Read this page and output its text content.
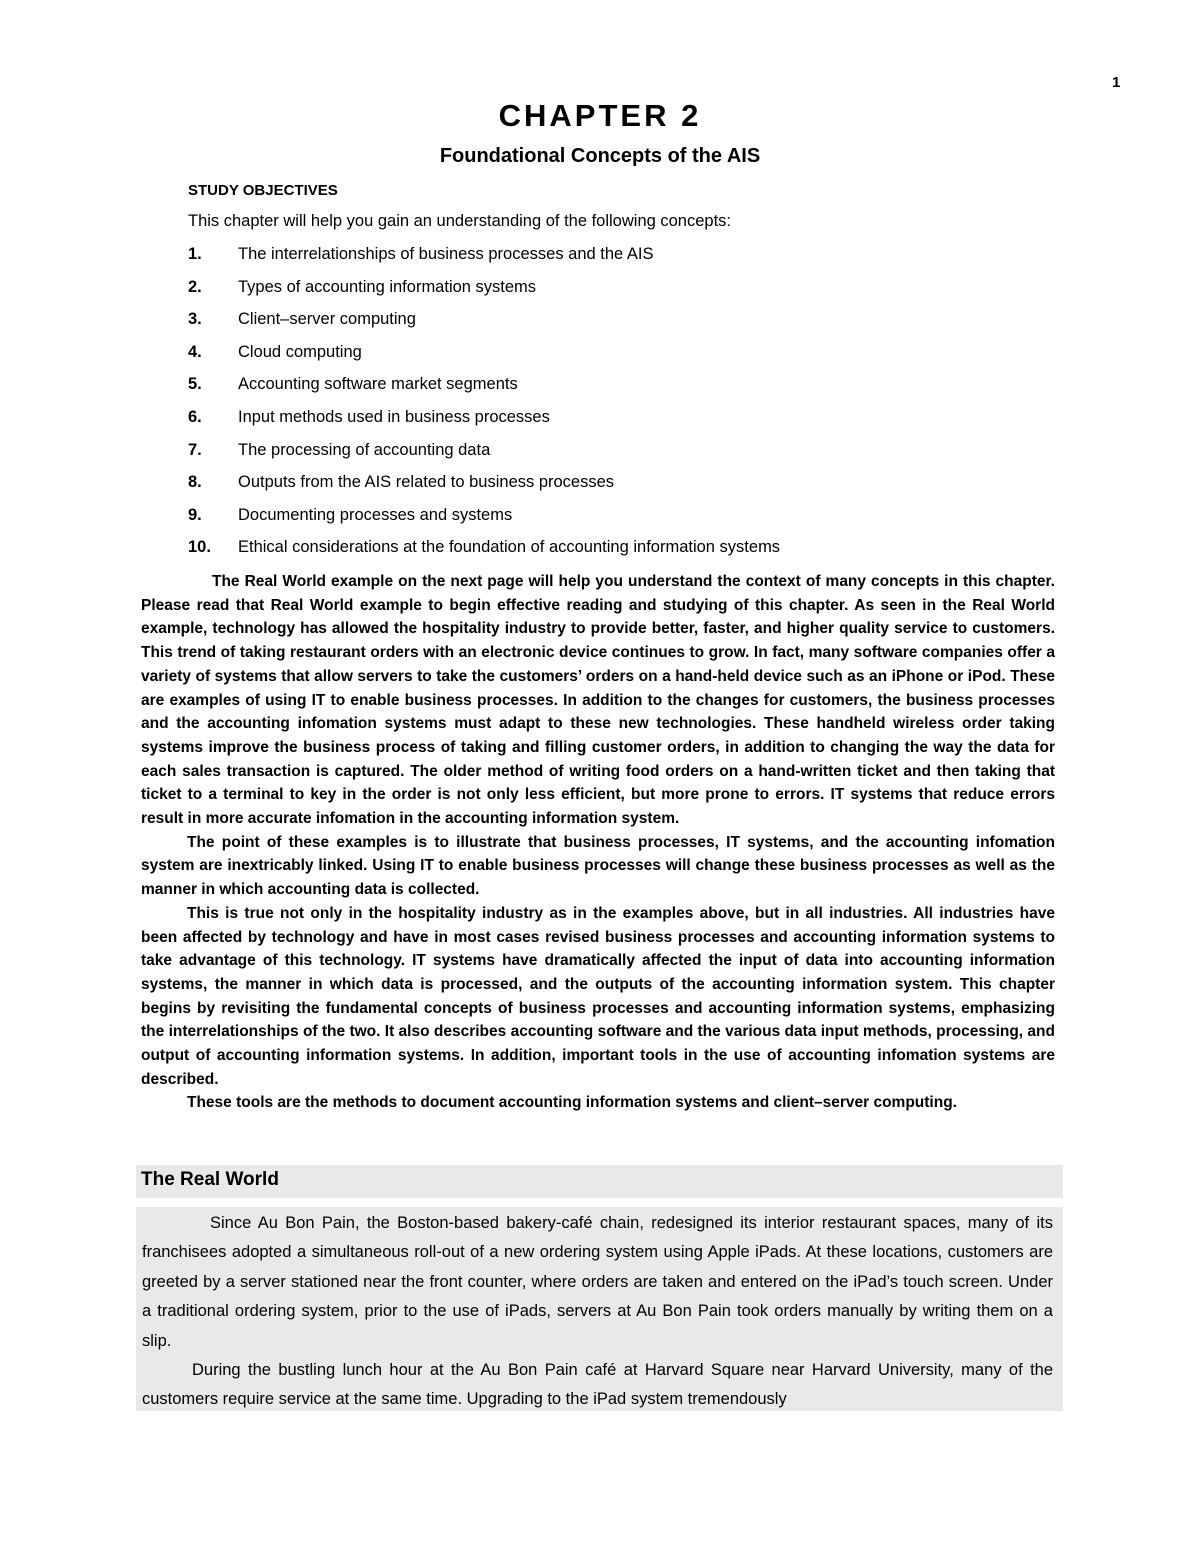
1
CHAPTER 2
Foundational Concepts of the AIS
STUDY OBJECTIVES
This chapter will help you gain an understanding of the following concepts:
1.	The interrelationships of business processes and the AIS
2.	Types of accounting information systems
3.	Client–server computing
4.	Cloud computing
5.	Accounting software market segments
6.	Input methods used in business processes
7.	The processing of accounting data
8.	Outputs from the AIS related to business processes
9.	Documenting processes and systems
10.	Ethical considerations at the foundation of accounting information systems

The Real World example on the next page will help you understand the context of many concepts in this chapter. Please read that Real World example to begin effective reading and studying of this chapter. As seen in the Real World example, technology has allowed the hospitality industry to provide better, faster, and higher quality service to customers. This trend of taking restaurant orders with an electronic device continues to grow. In fact, many software companies offer a variety of systems that allow servers to take the customers’ orders on a hand-held device such as an iPhone or iPod. These are examples of using IT to enable business processes. In addition to the changes for customers, the business processes and the accounting infomation systems must adapt to these new technologies. These handheld wireless order taking systems improve the business process of taking and filling customer orders, in addition to changing the way the data for each sales transaction is captured. The older method of writing food orders on a hand-written ticket and then taking that ticket to a terminal to key in the order is not only less efficient, but more prone to errors. IT systems that reduce errors result in more accurate infomation in the accounting information system.

The point of these examples is to illustrate that business processes, IT systems, and the accounting infomation system are inextricably linked. Using IT to enable business processes will change these business processes as well as the manner in which accounting data is collected.

This is true not only in the hospitality industry as in the examples above, but in all industries. All industries have been affected by technology and have in most cases revised business processes and accounting information systems to take advantage of this technology. IT systems have dramatically affected the input of data into accounting information systems, the manner in which data is processed, and the outputs of the accounting information system. This chapter begins by revisiting the fundamental concepts of business processes and accounting information systems, emphasizing the interrelationships of the two. It also describes accounting software and the various data input methods, processing, and output of accounting information systems. In addition, important tools in the use of accounting infomation systems are described.

These tools are the methods to document accounting information systems and client–server computing.

The Real World

Since Au Bon Pain, the Boston-based bakery-café chain, redesigned its interior restaurant spaces, many of its franchisees adopted a simultaneous roll-out of a new ordering system using Apple iPads. At these locations, customers are greeted by a server stationed near the front counter, where orders are taken and entered on the iPad’s touch screen. Under a traditional ordering system, prior to the use of iPads, servers at Au Bon Pain took orders manually by writing them on a slip.

During the bustling lunch hour at the Au Bon Pain café at Harvard Square near Harvard University, many of the customers require service at the same time. Upgrading to the iPad system tremendously
